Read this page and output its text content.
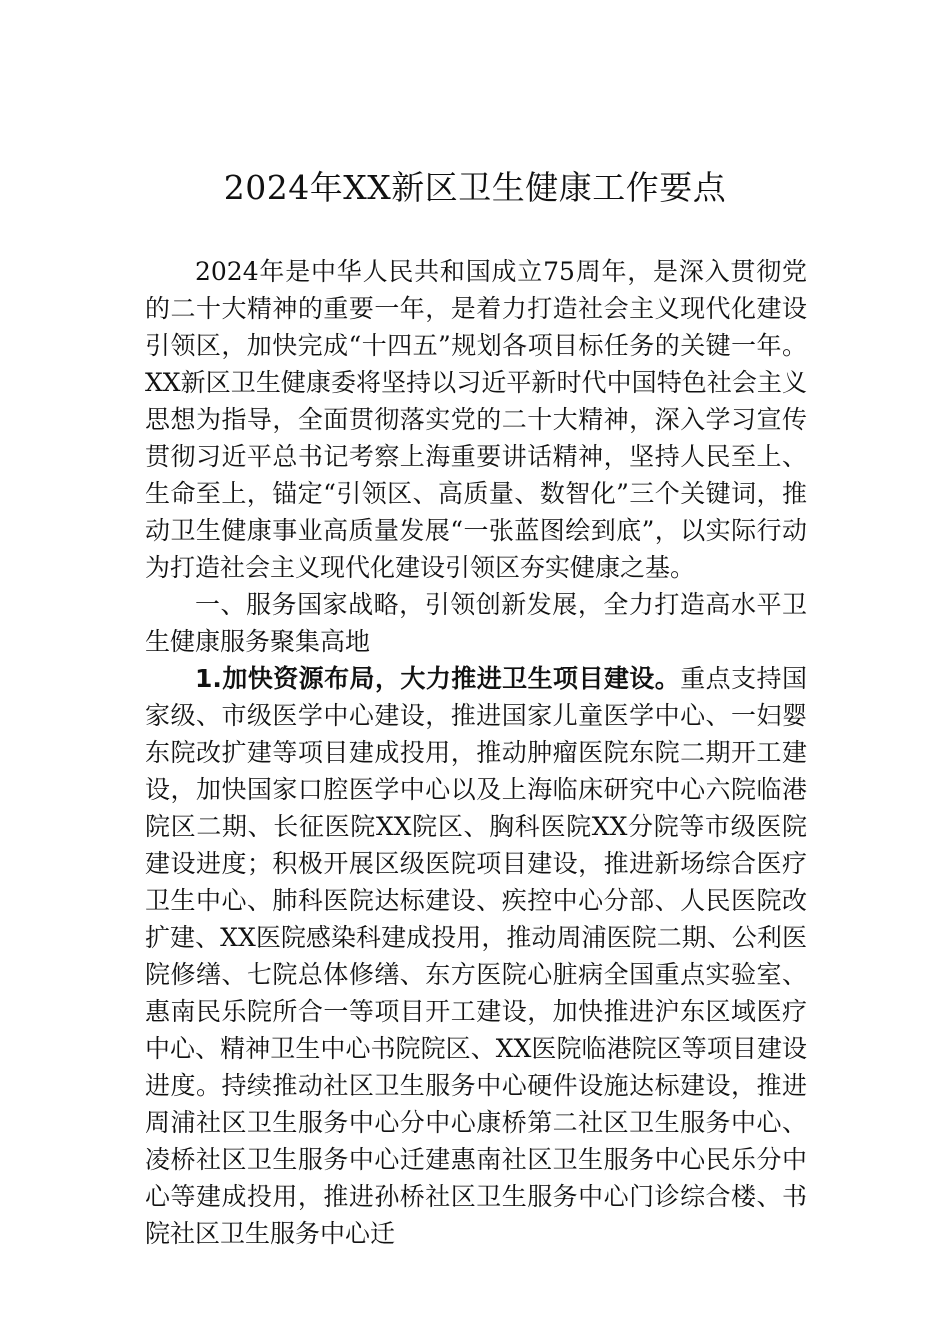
2024年XX新区卫生健康工作要点

2024年是中华人民共和国成立75周年，是深入贯彻党的二十大精神的重要一年，是着力打造社会主义现代化建设引领区，加快完成“十四五”规划各项目标任务的关键一年。XX新区卫生健康委将坚持以习近平新时代中国特色社会主义思想为指导，全面贯彻落实党的二十大精神，深入学习宣传贯彻习近平总书记考察上海重要讲话精神，坚持人民至上、生命至上，锚定“引领区、高质量、数智化”三个关键词，推动卫生健康事业高质量发展“一张蓝图绘到底”，以实际行动为打造社会主义现代化建设引领区夯实健康之基。

一、服务国家战略，引领创新发展，全力打造高水平卫生健康服务聚集高地

1.加快资源布局，大力推进卫生项目建设。重点支持国家级、市级医学中心建设，推进国家儿童医学中心、一妇婴东院改扩建等项目建成投用，推动肿瘤医院东院二期开工建设，加快国家口腔医学中心以及上海临床研究中心六院临港院区二期、长征医院XX院区、胸科医院XX分院等市级医院建设进度；积极开展区级医院项目建设，推进新场综合医疗卫生中心、肺科医院达标建设、疾控中心分部、人民医院改扩建、XX医院感染科建成投用，推动周浦医院二期、公利医院修缮、七院总体修缮、东方医院心脏病全国重点实验室、惠南民乐院所合一等项目开工建设，加快推进沪东区域医疗中心、精神卫生中心书院院区、XX医院临港院区等项目建设进度。持续推动社区卫生服务中心硬件设施达标建设，推进周浦社区卫生服务中心分中心康桥第二社区卫生服务中心、凌桥社区卫生服务中心迁建惠南社区卫生服务中心民乐分中心等建成投用，推进孙桥社区卫生服务中心门诊综合楼、书院社区卫生服务中心迁
